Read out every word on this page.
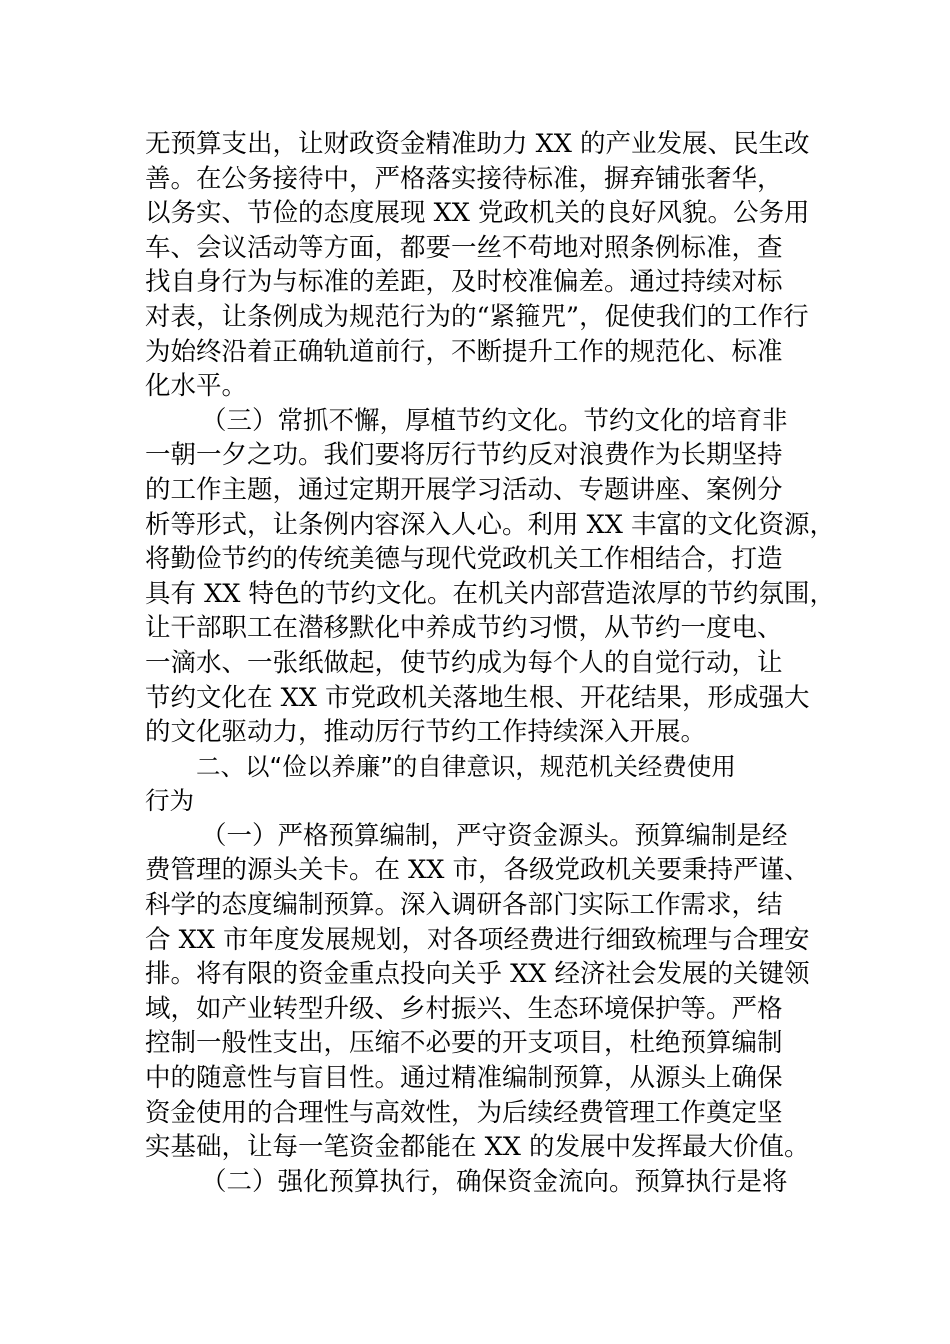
无预算支出，让财政资金精准助力 XX 的产业发展、民生改
善。在公务接待中，严格落实接待标准，摒弃铺张奢华，
以务实、节俭的态度展现 XX 党政机关的良好风貌。公务用
车、会议活动等方面，都要一丝不苟地对照条例标准，查
找自身行为与标准的差距，及时校准偏差。通过持续对标
对表，让条例成为规范行为的“紧箍咒”，促使我们的工作行
为始终沿着正确轨道前行，不断提升工作的规范化、标准
化水平。
（三）常抓不懈，厚植节约文化。节约文化的培育非
一朝一夕之功。我们要将厉行节约反对浪费作为长期坚持
的工作主题，通过定期开展学习活动、专题讲座、案例分
析等形式，让条例内容深入人心。利用 XX 丰富的文化资源，
将勤俭节约的传统美德与现代党政机关工作相结合，打造
具有 XX 特色的节约文化。在机关内部营造浓厚的节约氛围，
让干部职工在潜移默化中养成节约习惯，从节约一度电、
一滴水、一张纸做起，使节约成为每个人的自觉行动，让
节约文化在 XX 市党政机关落地生根、开花结果，形成强大
的文化驱动力，推动厉行节约工作持续深入开展。
二、以“俭以养廉”的自律意识，规范机关经费使用
行为
（一）严格预算编制，严守资金源头。预算编制是经
费管理的源头关卡。在 XX 市，各级党政机关要秉持严谨、
科学的态度编制预算。深入调研各部门实际工作需求，结
合 XX 市年度发展规划，对各项经费进行细致梳理与合理安
排。将有限的资金重点投向关乎 XX 经济社会发展的关键领
域，如产业转型升级、乡村振兴、生态环境保护等。严格
控制一般性支出，压缩不必要的开支项目，杜绝预算编制
中的随意性与盲目性。通过精准编制预算，从源头上确保
资金使用的合理性与高效性，为后续经费管理工作奠定坚
实基础，让每一笔资金都能在 XX 的发展中发挥最大价值。
（二）强化预算执行，确保资金流向。预算执行是将
